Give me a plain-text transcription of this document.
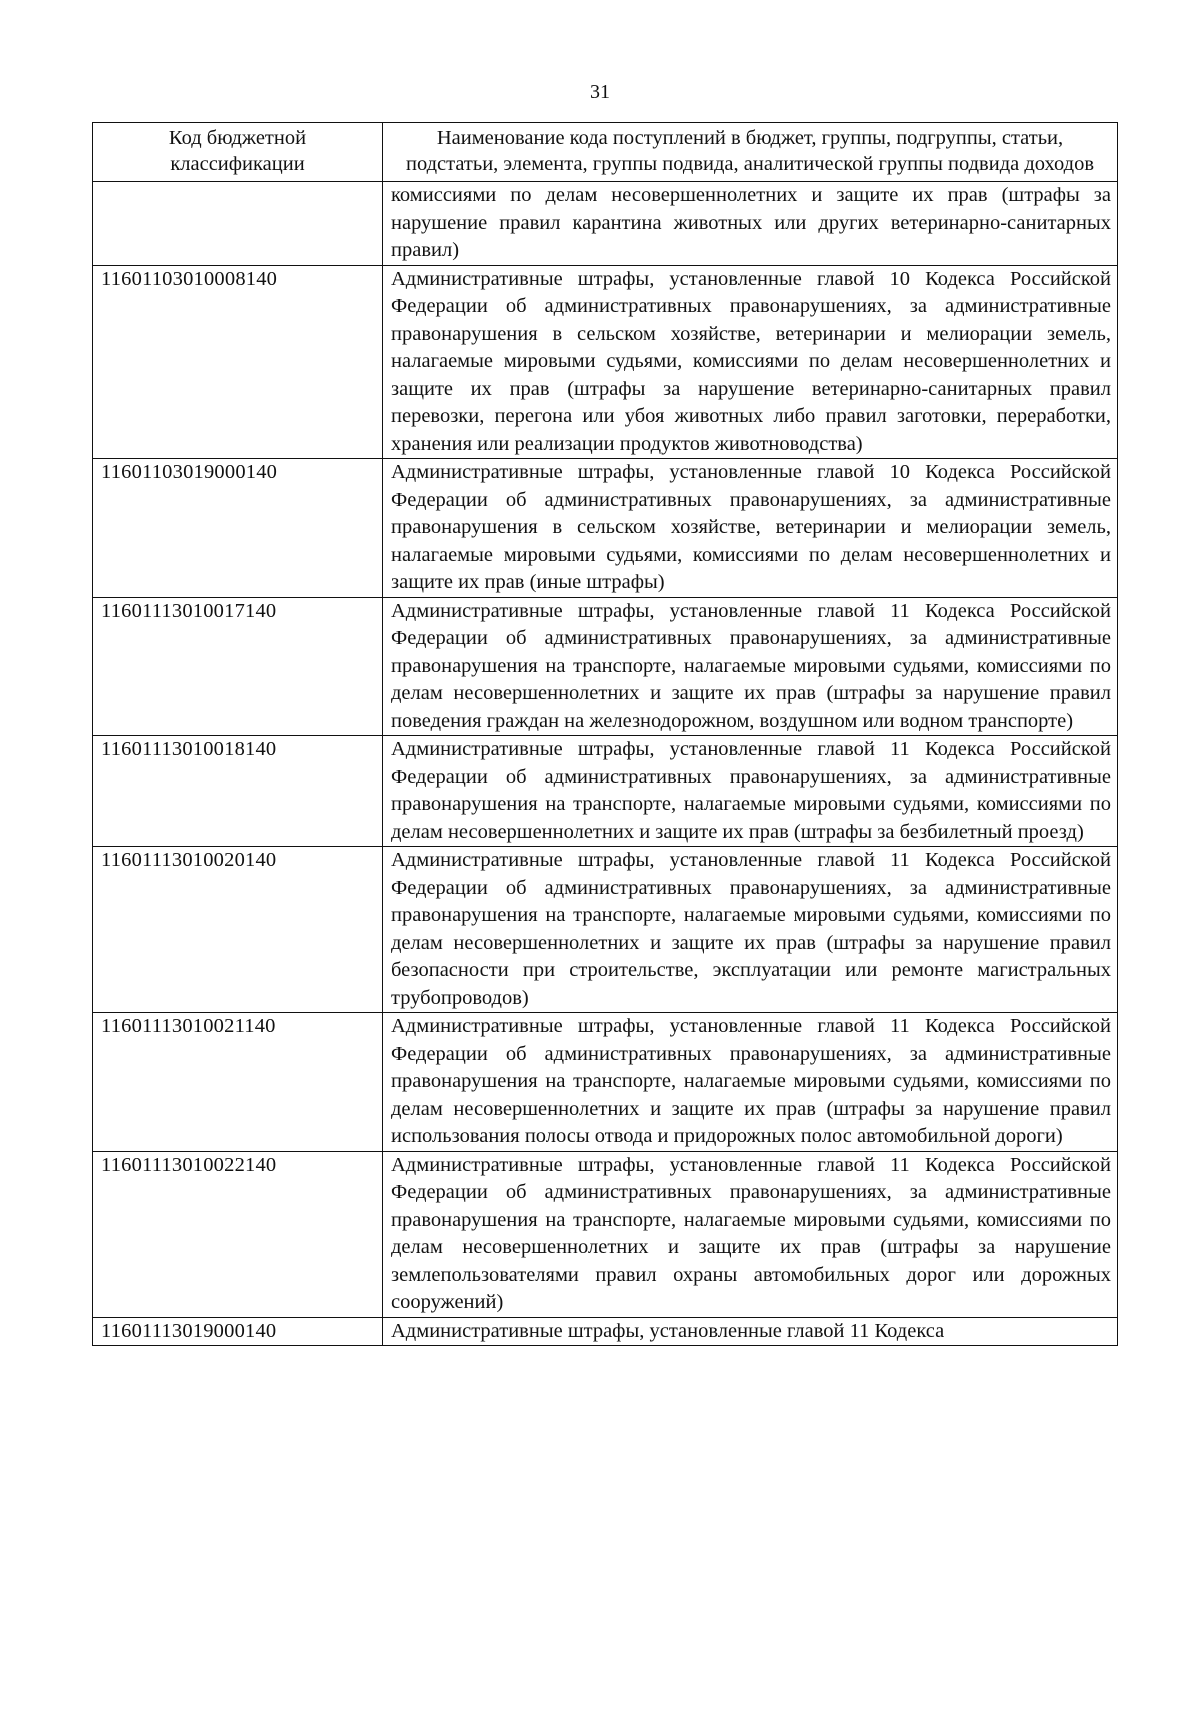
31
Код бюджетной классификации	Наименование кода поступлений в бюджет, группы, подгруппы, статьи, подстатьи, элемента, группы подвида, аналитической группы подвида доходов
	комиссиями по делам несовершеннолетних и защите их прав (штрафы за нарушение правил карантина животных или других ветеринарно-санитарных правил)
11601103010008140	Административные штрафы, установленные главой 10 Кодекса Российской Федерации об административных правонарушениях, за административные правонарушения в сельском хозяйстве, ветеринарии и мелиорации земель, налагаемые мировыми судьями, комиссиями по делам несовершеннолетних и защите их прав (штрафы за нарушение ветеринарно-санитарных правил перевозки, перегона или убоя животных либо правил заготовки, переработки, хранения или реализации продуктов животноводства)
11601103019000140	Административные штрафы, установленные главой 10 Кодекса Российской Федерации об административных правонарушениях, за административные правонарушения в сельском хозяйстве, ветеринарии и мелиорации земель, налагаемые мировыми судьями, комиссиями по делам несовершеннолетних и защите их прав (иные штрафы)
11601113010017140	Административные штрафы, установленные главой 11 Кодекса Российской Федерации об административных правонарушениях, за административные правонарушения на транспорте, налагаемые мировыми судьями, комиссиями по делам несовершеннолетних и защите их прав (штрафы за нарушение правил поведения граждан на железнодорожном, воздушном или водном транспорте)
11601113010018140	Административные штрафы, установленные главой 11 Кодекса Российской Федерации об административных правонарушениях, за административные правонарушения на транспорте, налагаемые мировыми судьями, комиссиями по делам несовершеннолетних и защите их прав (штрафы за безбилетный проезд)
11601113010020140	Административные штрафы, установленные главой 11 Кодекса Российской Федерации об административных правонарушениях, за административные правонарушения на транспорте, налагаемые мировыми судьями, комиссиями по делам несовершеннолетних и защите их прав (штрафы за нарушение правил безопасности при строительстве, эксплуатации или ремонте магистральных трубопроводов)
11601113010021140	Административные штрафы, установленные главой 11 Кодекса Российской Федерации об административных правонарушениях, за административные правонарушения на транспорте, налагаемые мировыми судьями, комиссиями по делам несовершеннолетних и защите их прав (штрафы за нарушение правил использования полосы отвода и придорожных полос автомобильной дороги)
11601113010022140	Административные штрафы, установленные главой 11 Кодекса Российской Федерации об административных правонарушениях, за административные правонарушения на транспорте, налагаемые мировыми судьями, комиссиями по делам несовершеннолетних и защите их прав (штрафы за нарушение землепользователями правил охраны автомобильных дорог или дорожных сооружений)
11601113019000140	Административные штрафы, установленные главой 11 Кодекса
